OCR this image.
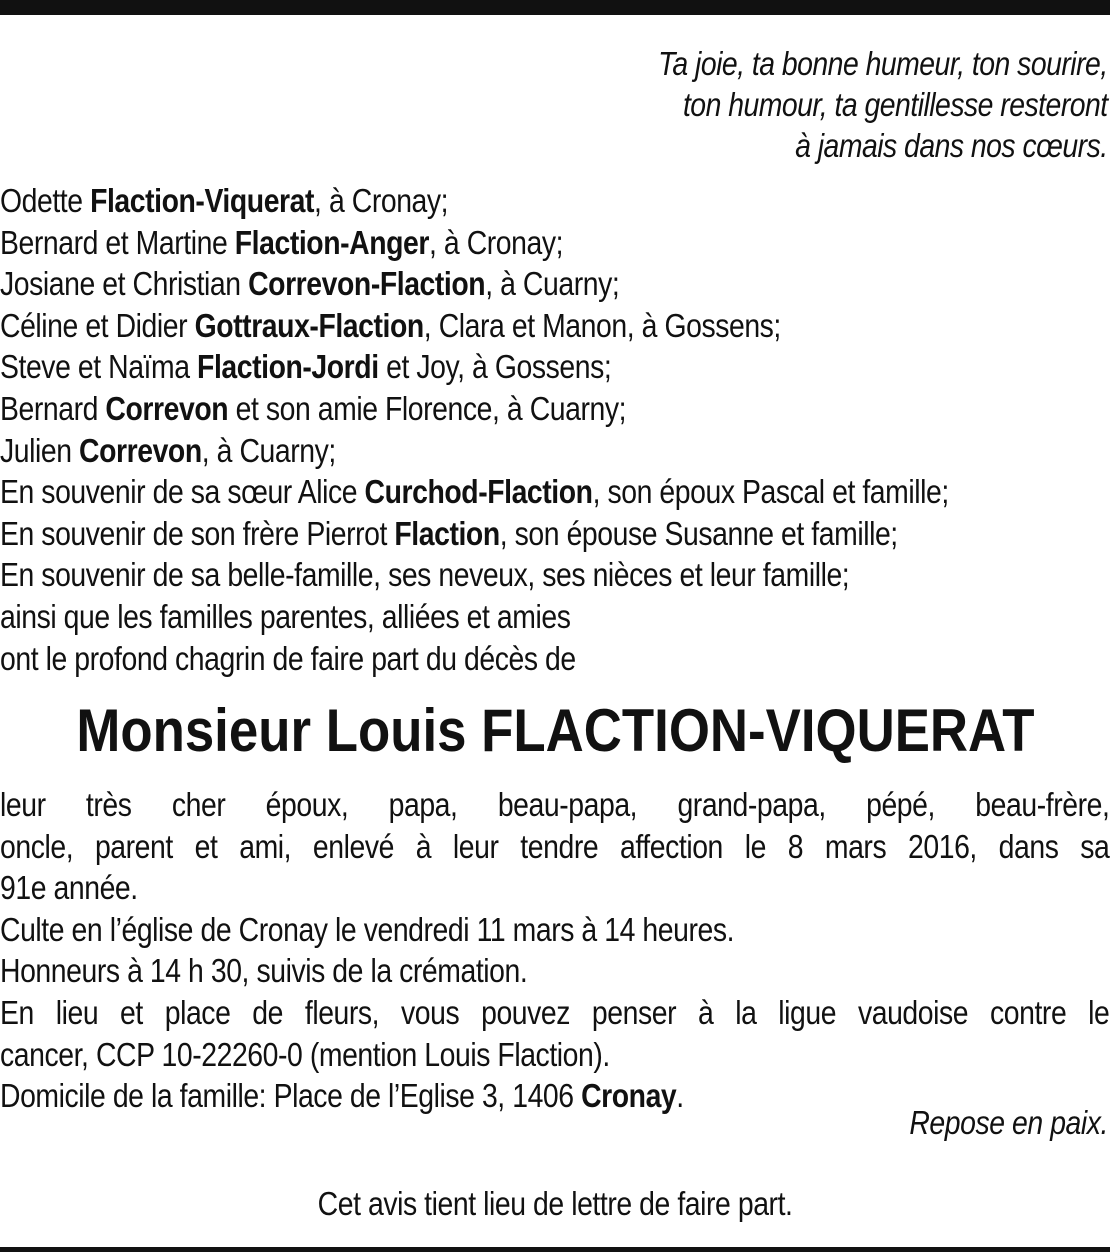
Ta joie, ta bonne humeur, ton sourire,
ton humour, ta gentillesse resteront
à jamais dans nos cœurs.
Odette Flaction-Viquerat, à Cronay;
Bernard et Martine Flaction-Anger, à Cronay;
Josiane et Christian Correvon-Flaction, à Cuarny;
Céline et Didier Gottraux-Flaction, Clara et Manon, à Gossens;
Steve et Naïma Flaction-Jordi et Joy, à Gossens;
Bernard Correvon et son amie Florence, à Cuarny;
Julien Correvon, à Cuarny;
En souvenir de sa sœur Alice Curchod-Flaction, son époux Pascal et famille;
En souvenir de son frère Pierrot Flaction, son épouse Susanne et famille;
En souvenir de sa belle-famille, ses neveux, ses nièces et leur famille;
ainsi que les familles parentes, alliées et amies
ont le profond chagrin de faire part du décès de
Monsieur Louis FLACTION-VIQUERAT
leur très cher époux, papa, beau-papa, grand-papa, pépé, beau-frère,
oncle, parent et ami, enlevé à leur tendre affection le 8 mars 2016, dans sa
91e année.
Culte en l’église de Cronay le vendredi 11 mars à 14 heures.
Honneurs à 14 h 30, suivis de la crémation.
En lieu et place de fleurs, vous pouvez penser à la ligue vaudoise contre le
cancer, CCP 10-22260-0 (mention Louis Flaction).
Domicile de la famille: Place de l’Eglise 3, 1406 Cronay.
Repose en paix.
Cet avis tient lieu de lettre de faire part.
